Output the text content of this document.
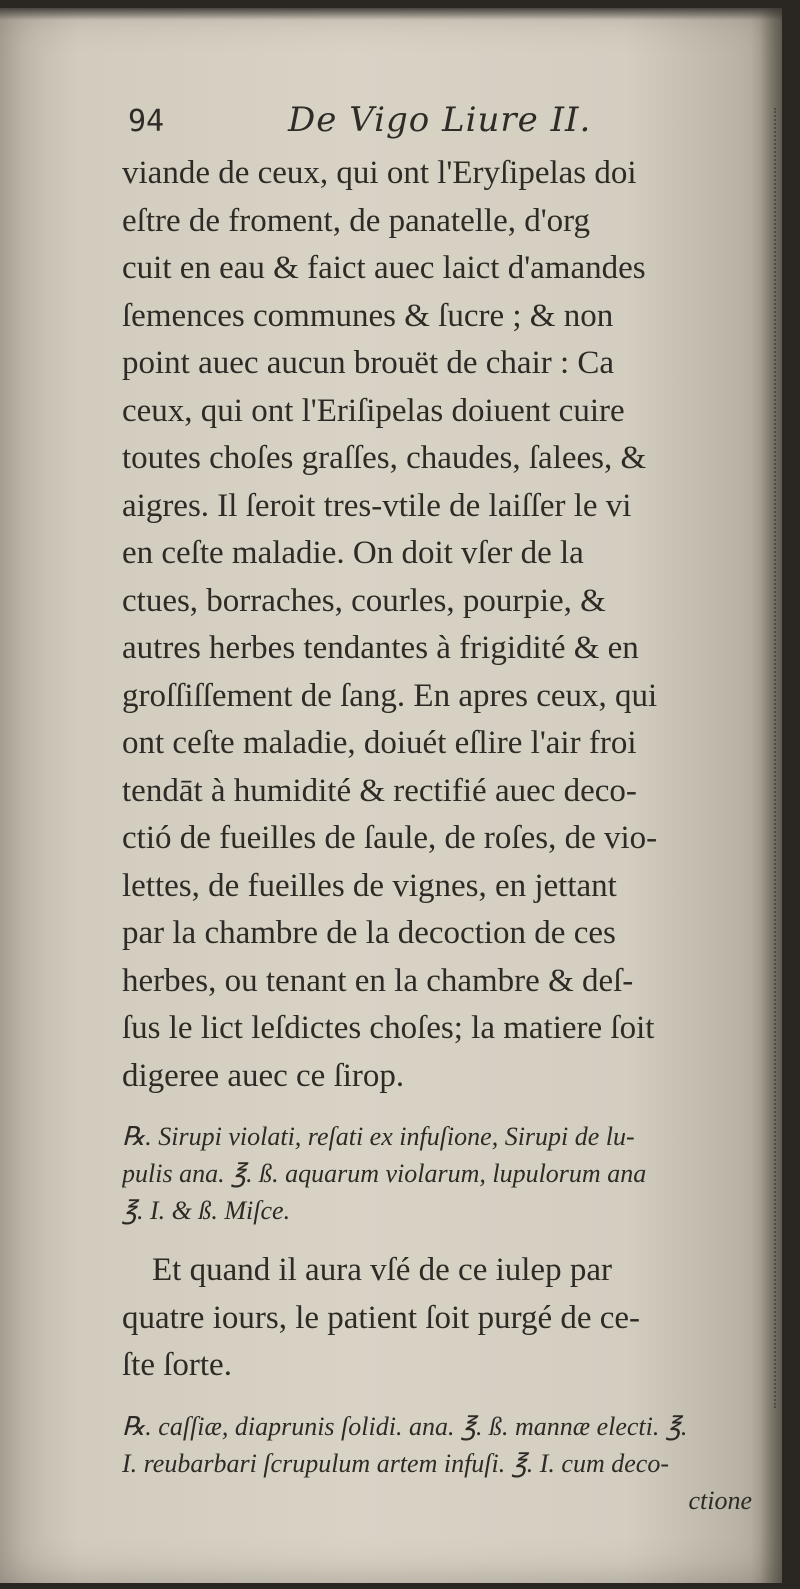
94	De Vigo Liure II.
viande de ceux, qui ont l'Eryſipelas doi
eſtre de froment, de panatelle, d'org
cuit en eau & faict auec laict d'amandes
ſemences communes & ſucre ; & non
point auec aucun brouët de chair : Ca
ceux, qui ont l'Eriſipelas doiuent cuire
toutes choſes graſſes, chaudes, ſalees, &
aigres. Il ſeroit tres-vtile de laiſſer le vi
en ceſte maladie. On doit vſer de la
ctues, borraches, courles, pourpie, &
autres herbes tendantes à frigidité & en
groſſiſſement de ſang. En apres ceux, qui
ont ceſte maladie, doiuét eſlire l'air froi
tendāt à humidité & rectifié auec deco-
ctió de fueilles de ſaule, de roſes, de vio-
lettes, de fueilles de vignes, en jettant
par la chambre de la decoction de ces
herbes, ou tenant en la chambre & deſ-
ſus le lict leſdictes choſes; la matiere ſoit
digeree auec ce ſirop.
℞. Sirupi violati, reſati ex infuſione, Sirupi de lu-
pulis ana. ℥. ß. aquarum violarum, lupulorum ana
℥. I. & ß. Miſce.
Et quand il aura vſé de ce iulep par
quatre iours, le patient ſoit purgé de ce-
ſte ſorte.
℞. caſſiæ, diaprunis ſolidi. ana. ℥. ß. mannæ electi. ℥.
I. reubarbari ſcrupulum artem infuſi. ℥. I. cum deco-
ctione
